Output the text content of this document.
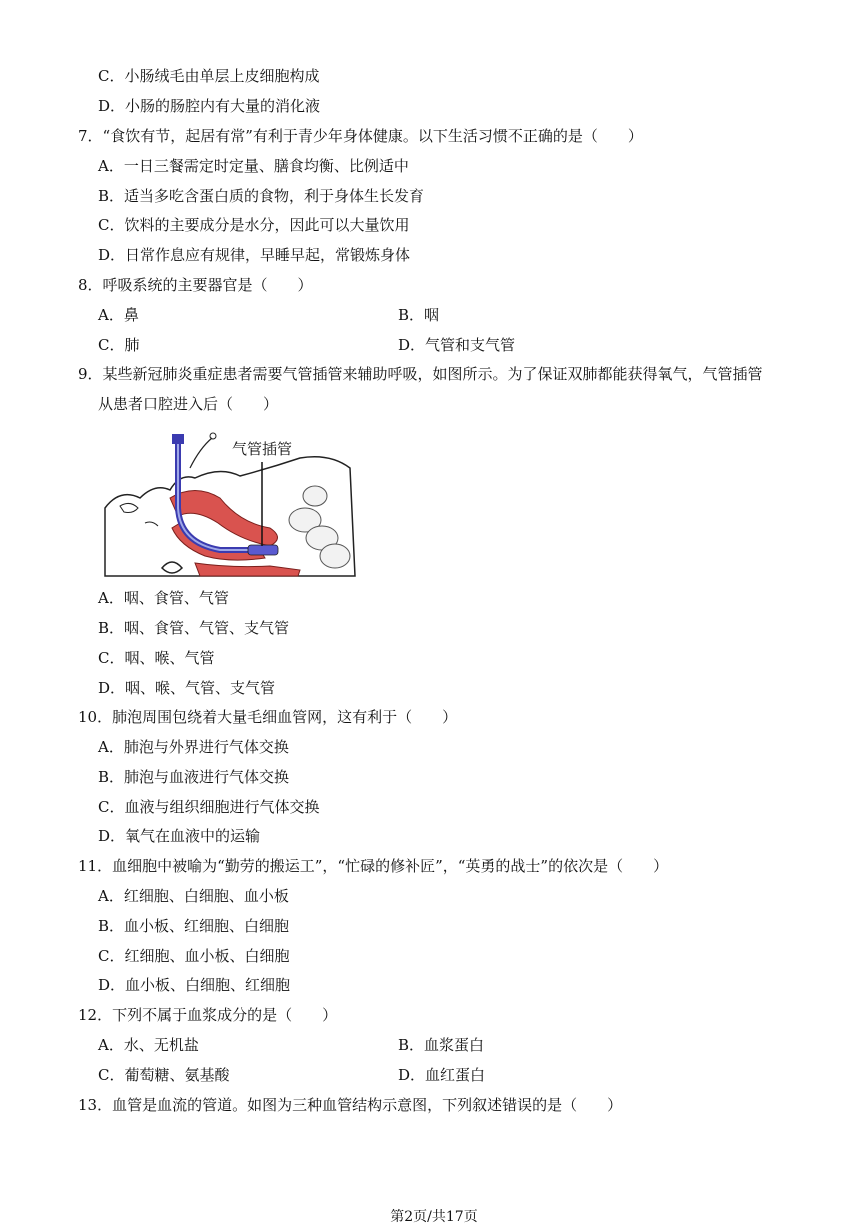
C．小肠绒毛由单层上皮细胞构成
D．小肠的肠腔内有大量的消化液
7．“食饮有节，起居有常”有利于青少年身体健康。以下生活习惯不正确的是（　　）
A．一日三餐需定时定量、膳食均衡、比例适中
B．适当多吃含蛋白质的食物，利于身体生长发育
C．饮料的主要成分是水分，因此可以大量饮用
D．日常作息应有规律，早睡早起，常锻炼身体
8．呼吸系统的主要器官是（　　）
A．鼻	B．咽
C．肺	D．气管和支气管
9．某些新冠肺炎重症患者需要气管插管来辅助呼吸，如图所示。为了保证双肺都能获得氧气，气管插管
从患者口腔进入后（　　）
气管插管
A．咽、食管、气管
B．咽、食管、气管、支气管
C．咽、喉、气管
D．咽、喉、气管、支气管
10．肺泡周围包绕着大量毛细血管网，这有利于（　　）
A．肺泡与外界进行气体交换
B．肺泡与血液进行气体交换
C．血液与组织细胞进行气体交换
D．氧气在血液中的运输
11．血细胞中被喻为“勤劳的搬运工”，“忙碌的修补匠”，“英勇的战士”的依次是（　　）
A．红细胞、白细胞、血小板
B．血小板、红细胞、白细胞
C．红细胞、血小板、白细胞
D．血小板、白细胞、红细胞
12．下列不属于血浆成分的是（　　）
A．水、无机盐	B．血浆蛋白
C．葡萄糖、氨基酸	D．血红蛋白
13．血管是血流的管道。如图为三种血管结构示意图，下列叙述错误的是（　　）
第2页/共17页
